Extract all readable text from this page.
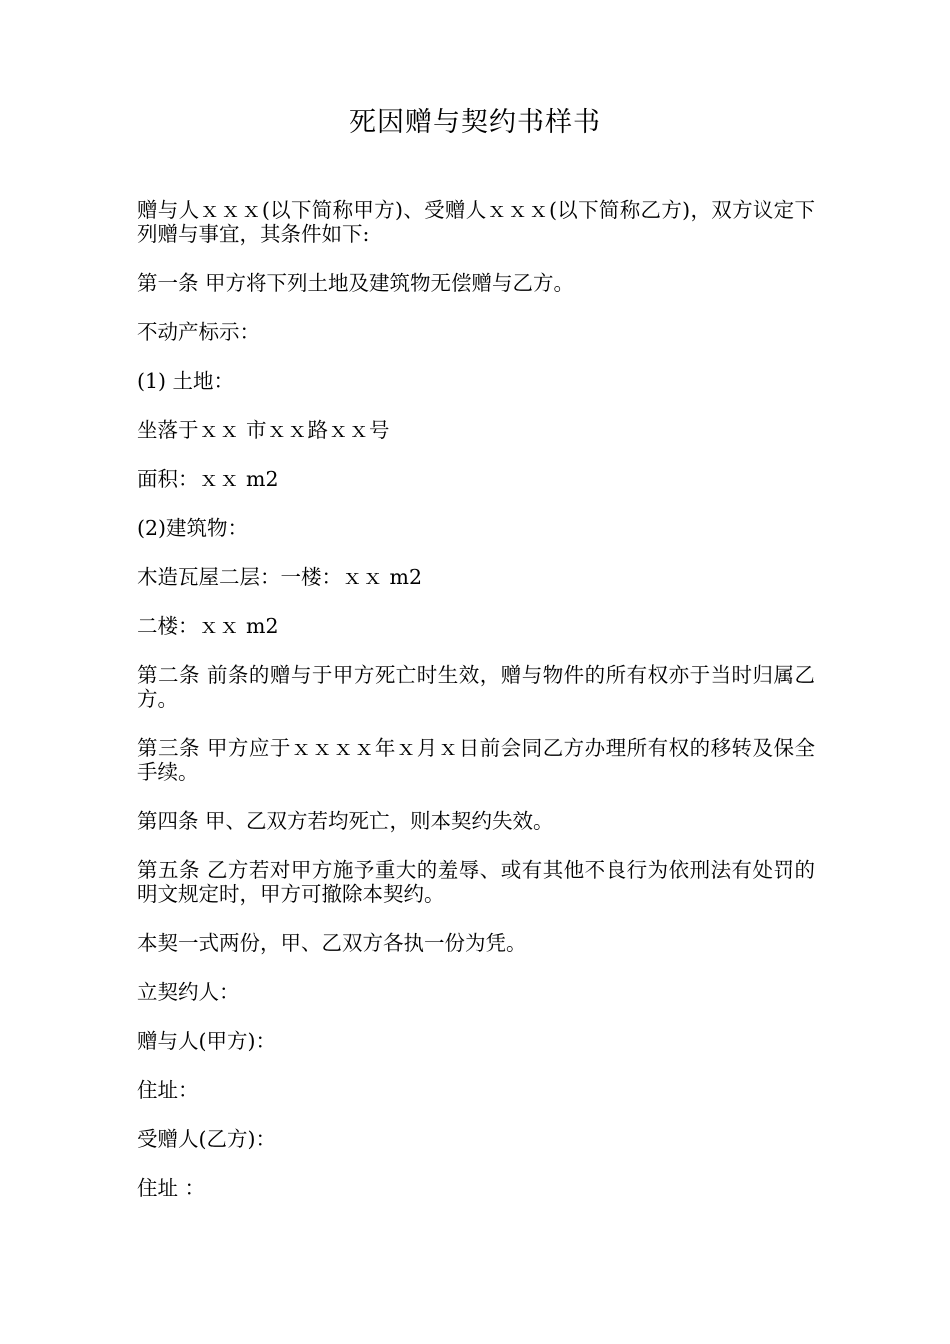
死因赠与契约书样书

赠与人ｘｘｘ(以下简称甲方)、受赠人ｘｘｘ(以下简称乙方)，双方议定下列赠与事宜，其条件如下:

第一条 甲方将下列土地及建筑物无偿赠与乙方。

不动产标示：

(1) 土地：

坐落于ｘｘ 市ｘｘ路ｘｘ号

面积：ｘｘ m2

(2)建筑物：

木造瓦屋二层：一楼：ｘｘ m2

二楼：ｘｘ m2

第二条 前条的赠与于甲方死亡时生效，赠与物件的所有权亦于当时归属乙方。

第三条 甲方应于ｘｘｘｘ年ｘ月ｘ日前会同乙方办理所有权的移转及保全手续。

第四条 甲、乙双方若均死亡，则本契约失效。

第五条 乙方若对甲方施予重大的羞辱、或有其他不良行为依刑法有处罚的明文规定时，甲方可撤除本契约。

本契一式两份，甲、乙双方各执一份为凭。

立契约人：

赠与人(甲方)：

住址：

受赠人(乙方)：

住址 ：
